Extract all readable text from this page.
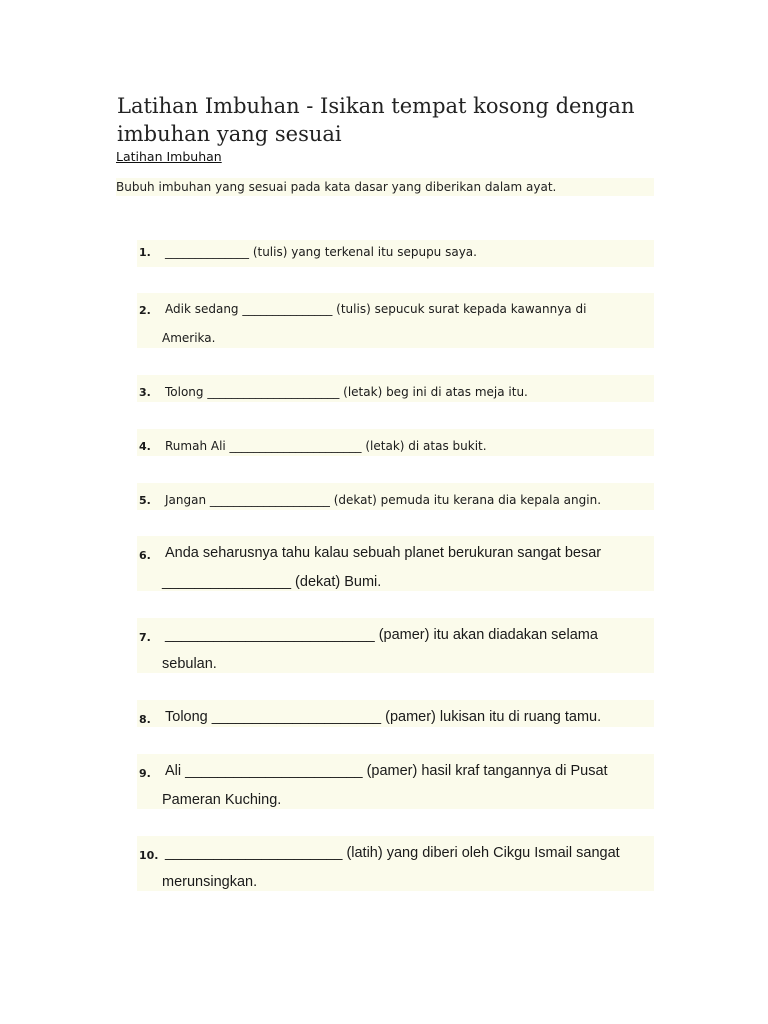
Latihan Imbuhan - Isikan tempat kosong dengan imbuhan yang sesuai
Latihan Imbuhan
Bubuh imbuhan yang sesuai pada kata dasar yang diberikan dalam ayat.
1. ______________ (tulis) yang terkenal itu sepupu saya.
2. Adik sedang _______________ (tulis) sepucuk surat kepada kawannya di
Amerika.
3. Tolong ______________________ (letak) beg ini di atas meja itu.
4. Rumah Ali ______________________ (letak) di atas bukit.
5. Jangan ____________________ (dekat) pemuda itu kerana dia kepala angin.
6. Anda seharusnya tahu kalau sebuah planet berukuran sangat besar
________________ (dekat) Bumi.
7. __________________________ (pamer) itu akan diadakan selama
sebulan.
8. Tolong _____________________ (pamer) lukisan itu di ruang tamu.
9. Ali ______________________ (pamer) hasil kraf tangannya di Pusat
Pameran Kuching.
10. ______________________ (latih) yang diberi oleh Cikgu Ismail sangat
merunsingkan.
